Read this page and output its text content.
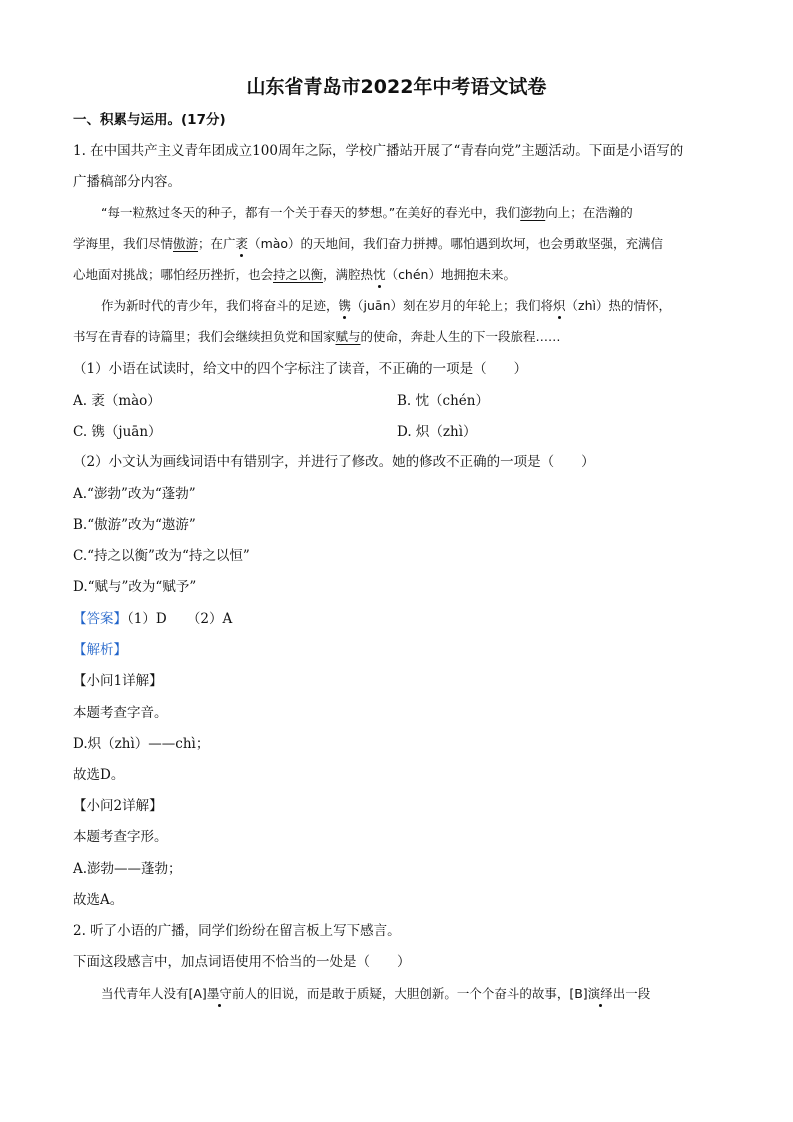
山东省青岛市2022年中考语文试卷
一、积累与运用。(17分)
1. 在中国共产主义青年团成立100周年之际，学校广播站开展了“青春向党”主题活动。下面是小语写的
广播稿部分内容。
“每一粒熬过冬天的种子，都有一个关于春天的梦想。”在美好的春光中，我们澎勃向上；在浩瀚的
学海里，我们尽情傲游；在广袤（mào）的天地间，我们奋力拼搏。哪怕遇到坎坷，也会勇敢坚强，充满信
心地面对挑战；哪怕经历挫折，也会持之以衡，满腔热忱（chén）地拥抱未来。
作为新时代的青少年，我们将奋斗的足迹，镌（juān）刻在岁月的年轮上；我们将炽（zhì）热的情怀，
书写在青春的诗篇里；我们会继续担负党和国家赋与的使命，奔赴人生的下一段旅程……
（1）小语在试读时，给文中的四个字标注了读音，不正确的一项是（　　）
A. 袤（mào）	B. 忱（chén）
C. 镌（juān）	D. 炽（zhì）
（2）小文认为画线词语中有错别字，并进行了修改。她的修改不正确的一项是（　　）
A.“澎勃”改为“蓬勃”
B.“傲游”改为“遨游”
C.“持之以衡”改为“持之以恒”
D.“赋与”改为“赋予”
【答案】（1）D　　（2）A
【解析】
【小问1详解】
本题考查字音。
D.炽（zhì）——chì；
故选D。
【小问2详解】
本题考查字形。
A.澎勃——蓬勃；
故选A。
2. 听了小语的广播，同学们纷纷在留言板上写下感言。
下面这段感言中，加点词语使用不恰当的一处是（　　）
当代青年人没有[A]墨守前人的旧说，而是敢于质疑，大胆创新。一个个奋斗的故事，[B]演绎出一段
